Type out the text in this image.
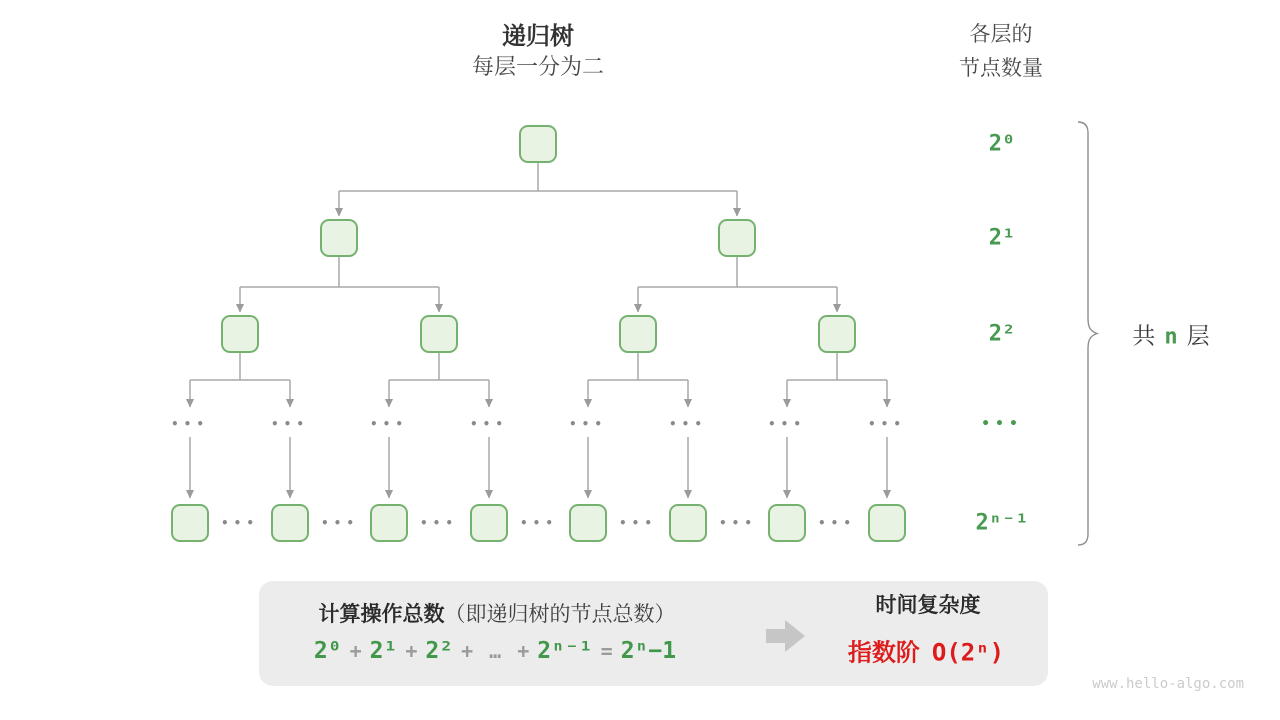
递归树
每层一分为二
各层的
节点数量
•••	•••	•••	•••	•••	•••	•••	•••
•••	•••	•••	•••	•••	•••	•••
2⁰
2¹
2²
•••
2ⁿ⁻¹
共 n 层
计算操作总数（即递归树的节点总数）
2⁰ + 2¹ + 2² + … + 2ⁿ⁻¹ = 2ⁿ−1
时间复杂度
指数阶 O(2ⁿ)
www.hello-algo.com
